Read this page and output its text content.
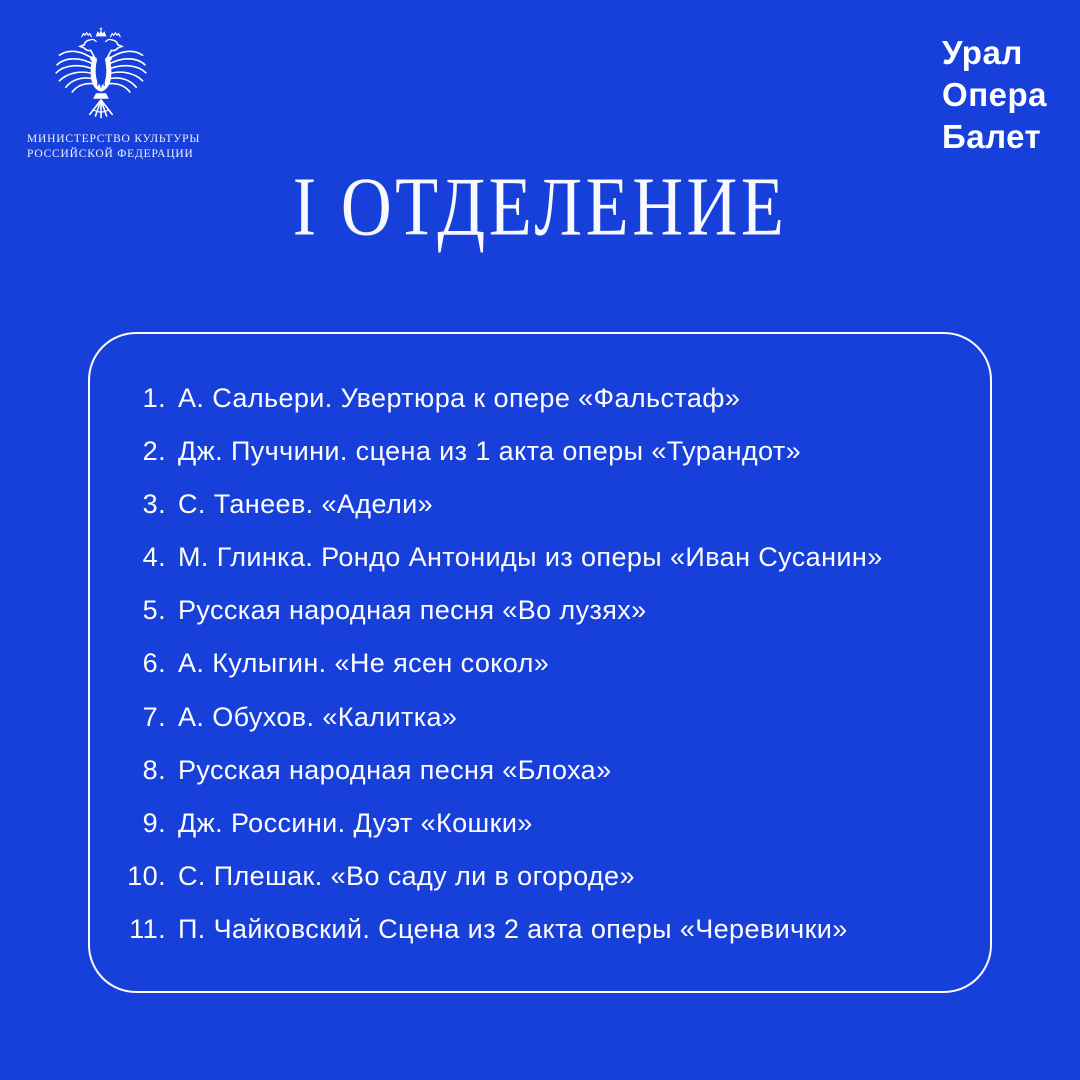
МИНИСТЕРСТВО КУЛЬТУРЫ
РОССИЙСКОЙ ФЕДЕРАЦИИ
Урал
Опера
Балет
I ОТДЕЛЕНИЕ
1. А. Сальери. Увертюра к опере «Фальстаф»
2. Дж. Пуччини. сцена из 1 акта оперы «Турандот»
3. С. Танеев. «Адели»
4. М. Глинка. Рондо Антониды из оперы «Иван Сусанин»
5. Русская народная песня «Во лузях»
6. А. Кулыгин. «Не ясен сокол»
7. А. Обухов. «Калитка»
8. Русская народная песня «Блоха»
9. Дж. Россини. Дуэт «Кошки»
10. С. Плешак. «Во саду ли в огороде»
11. П. Чайковский. Сцена из 2 акта оперы «Черевички»
